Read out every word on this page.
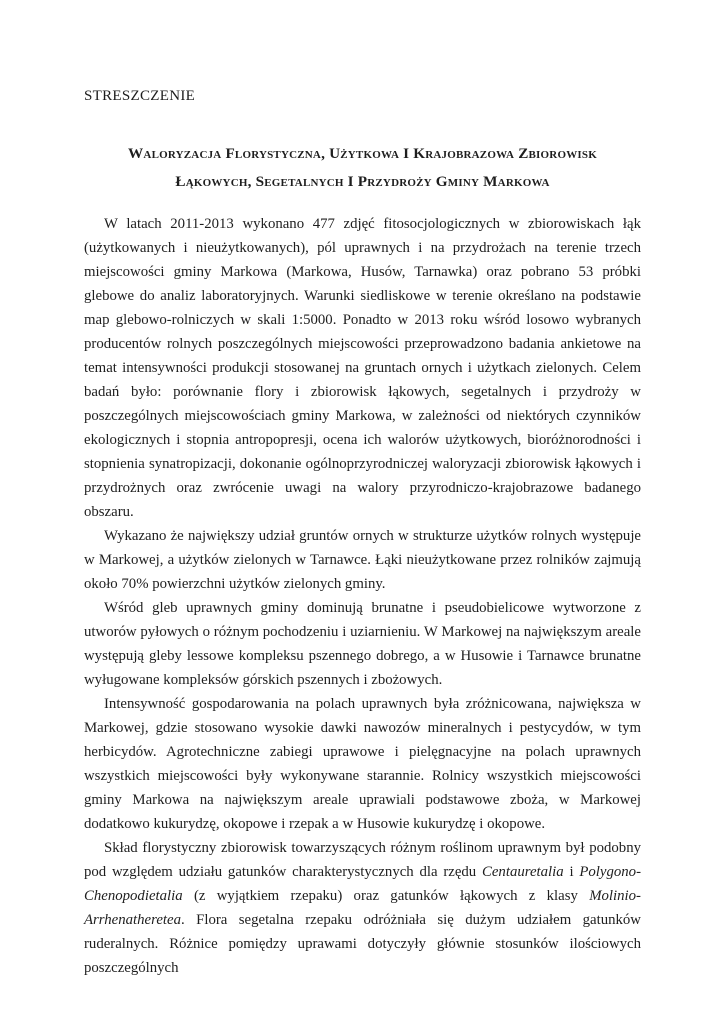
STRESZCZENIE
Waloryzacja Florystyczna, Użytkowa I Krajobrazowa Zbiorowisk
Łąkowych, Segetalnych I Przydroży Gminy Markowa

W latach 2011-2013 wykonano 477 zdjęć fitosocjologicznych w zbiorowiskach łąk (użytkowanych i nieużytkowanych), pól uprawnych i na przydrożach na terenie trzech miejscowości gminy Markowa (Markowa, Husów, Tarnawka) oraz pobrano 53 próbki glebowe do analiz laboratoryjnych. Warunki siedliskowe w terenie określano na podstawie map glebowo-rolniczych w skali 1:5000. Ponadto w 2013 roku wśród losowo wybranych producentów rolnych poszczególnych miejscowości przeprowadzono badania ankietowe na temat intensywności produkcji stosowanej na gruntach ornych i użytkach zielonych. Celem badań było: porównanie flory i zbiorowisk łąkowych, segetalnych i przydroży w poszczególnych miejscowościach gminy Markowa, w zależności od niektórych czynników ekologicznych i stopnia antropopresji, ocena ich walorów użytkowych, bioróżnorodności i stopnienia synatropizacji, dokonanie ogólnoprzyrodniczej waloryzacji zbiorowisk łąkowych i przydrożnych oraz zwrócenie uwagi na walory przyrodniczo-krajobrazowe badanego obszaru.

Wykazano że największy udział gruntów ornych w strukturze użytków rolnych występuje w Markowej, a użytków zielonych w Tarnawce. Łąki nieużytkowane przez rolników zajmują około 70% powierzchni użytków zielonych gminy.

Wśród gleb uprawnych gminy dominują brunatne i pseudobielicowe wytworzone z utworów pyłowych o różnym pochodzeniu i uziarnieniu. W Markowej na największym areale występują gleby lessowe kompleksu pszennego dobrego, a w Husowie i Tarnawce brunatne wyługowane kompleksów górskich pszennych i zbożowych.

Intensywność gospodarowania na polach uprawnych była zróżnicowana, największa w Markowej, gdzie stosowano wysokie dawki nawozów mineralnych i pestycydów, w tym herbicydów. Agrotechniczne zabiegi uprawowe i pielęgnacyjne na polach uprawnych wszystkich miejscowości były wykonywane starannie. Rolnicy wszystkich miejscowości gminy Markowa na największym areale uprawiali podstawowe zboża, w Markowej dodatkowo kukurydzę, okopowe i rzepak a w Husowie kukurydzę i okopowe.

Skład florystyczny zbiorowisk towarzyszących różnym roślinom uprawnym był podobny pod względem udziału gatunków charakterystycznych dla rzędu Centauretalia i Polygono-Chenopodietalia (z wyjątkiem rzepaku) oraz gatunków łąkowych z klasy Molinio-Arrhenatheretea. Flora segetalna rzepaku odróżniała się dużym udziałem gatunków ruderalnych. Różnice pomiędzy uprawami dotyczyły głównie stosunków ilościowych poszczególnych
